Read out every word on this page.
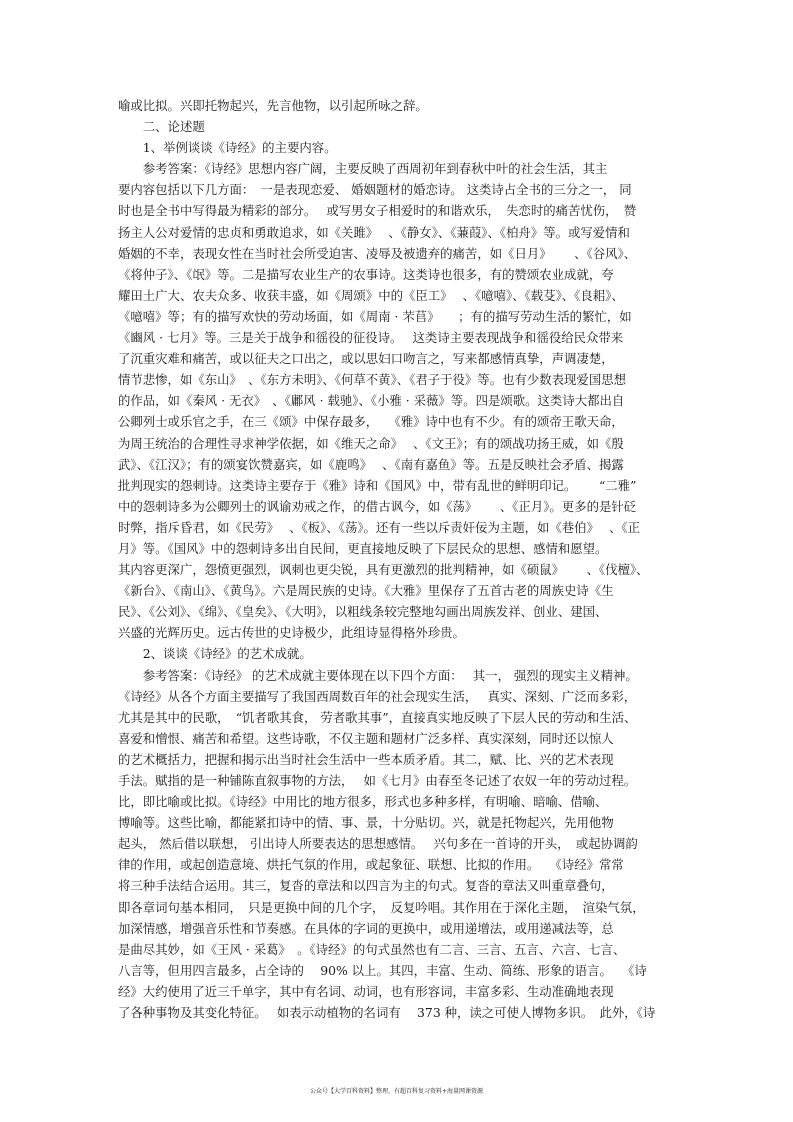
喻或比拟。兴即托物起兴，先言他物，以引起所咏之辞。
　　二、论述题
　　1、举例谈谈《诗经》的主要内容。
　　参考答案：《诗经》思想内容广阔，主要反映了西周初年到春秋中叶的社会生活，其主
要内容包括以下几方面：　一是表现恋爱、 婚姻题材的婚恋诗。 这类诗占全书的三分之一， 同
时也是全书中写得最为精彩的部分。　 或写男女子相爱时的和谐欢乐，　失恋时的痛苦忧伤，　赞
扬主人公对爱情的忠贞和勇敢追求，如《关雎》　 、《静女》、《蒹葭》、《柏舟》等。或写爱情和
婚姻的不幸，表现女性在当时社会所受迫害、凌辱及被遗弃的痛苦，如《日月》　　 、《谷风》、
《将仲子》、《氓》等。二是描写农业生产的农事诗。这类诗也很多，有的赞颂农业成就，夸
耀田土广大、农夫众多、收获丰盛，如《周颂》中的《臣工》　 、《噫嘻》、《载芟》、《良耜》、
《噫嘻》等；有的描写欢快的劳动场面，如《周南 · 芣苢》　　；有的描写劳动生活的繁忙，如
《豳风 · 七月》等。三是关于战争和徭役的征役诗。　 这类诗主要表现战争和徭役给民众带来
了沉重灾难和痛苦，或以征夫之口出之，或以思妇口吻言之，写来都感情真挚，声调凄楚，
情节悲惨，如《东山》　、《东方未明》、《何草不黄》、《君子于役》等。也有少数表现爱国思想
的作品，如《秦风 · 无衣》　、《鄘风 · 载驰》、《小雅 · 采薇》等。四是颂歌。这类诗大都出自
公卿列士或乐官之手，在三《颂》中保存最多，　 《雅》诗中也有不少。有的颂帝王歌天命，
为周王统治的合理性寻求神学依据，如《维天之命》　 、《文王》；有的颂战功扬王威，如《殷
武》、《江汉》；有的颂宴饮赞嘉宾，如《鹿鸣》　 、《南有嘉鱼》等。五是反映社会矛盾、揭露
批判现实的怨刺诗。这类诗主要存于《雅》诗和《国风》中，带有乱世的鲜明印记。　　 “二雅”
中的怨刺诗多为公卿列士的讽谕劝戒之作，的借古讽今，如《荡》　　 、《正月》。更多的是针砭
时弊，指斥昏君，如《民劳》　 、《板》、《荡》。还有一些以斥责奸佞为主题，如《巷伯》　 、《正
月》等。《国风》中的怨刺诗多出自民间，更直接地反映了下层民众的思想、感情和愿望。
其内容更深广，怨愤更强烈，讽刺也更尖锐，具有更激烈的批判精神，如《硕鼠》　　 、《伐檀》、
《新台》、《南山》、《黄鸟》。六是周民族的史诗。《大雅》里保存了五首古老的周族史诗《生
民》、《公刘》、《绵》、《皇矣》、《大明》，以粗线条较完整地勾画出周族发祥、创业、建国、
兴盛的光辉历史。远古传世的史诗极少，此组诗显得格外珍贵。
　　2、谈谈《诗经》的艺术成就。
　　参考答案：《诗经》 的艺术成就主要体现在以下四个方面：　 其一， 强烈的现实主义精神。
《诗经》从各个方面主要描写了我国西周数百年的社会现实生活，　 真实、深刻、广泛而多彩，
尤其是其中的民歌，　“饥者歌其食， 劳者歌其事”，直接真实地反映了下层人民的劳动和生活、
喜爱和憎恨、痛苦和希望。这些诗歌，不仅主题和题材广泛多样、真实深刻，同时还以惊人
的艺术概括力，把握和揭示出当时社会生活中一些本质矛盾。其二，赋、比、兴的艺术表现
手法。赋指的是一种铺陈直叙事物的方法，　 如《七月》由春至冬记述了农奴一年的劳动过程。
比，即比喻或比拟。《诗经》中用比的地方很多，形式也多种多样，有明喻、暗喻、借喻、
博喻等。这些比喻，都能紧扣诗中的情、事、景，十分贴切。兴，就是托物起兴，先用他物
起头， 然后借以联想， 引出诗人所要表达的思想感情。　 兴句多在一首诗的开头，　或起协调韵
律的作用，或起创造意境、烘托气氛的作用，或起象征、联想、比拟的作用。　 《诗经》常常
将三种手法结合运用。其三，复沓的章法和以四言为主的句式。复沓的章法又叫重章叠句，
即各章词句基本相同，　只是更换中间的几个字，　反复吟唱。其作用在于深化主题，　渲染气氛，
加深情感，增强音乐性和节奏感。在具体的字词的更换中，或用递增法，或用递减法等，总
是曲尽其妙，如《王风 · 采葛》　。《诗经》的句式虽然也有二言、三言、五言、六言、七言、
八言等，但用四言最多，占全诗的　 90% 以上。其四，丰富、生动、简练、形象的语言。　 《诗
经》大约使用了近三千单字，其中有名词、动词，也有形容词，丰富多彩、生动准确地表现
了各种事物及其变化特征。　 如表示动植物的名词有　 373 种，读之可使人博物多识。　此外，《诗
公众号【大学百科资料】整理，有超百科复习资料+海量网课资源
